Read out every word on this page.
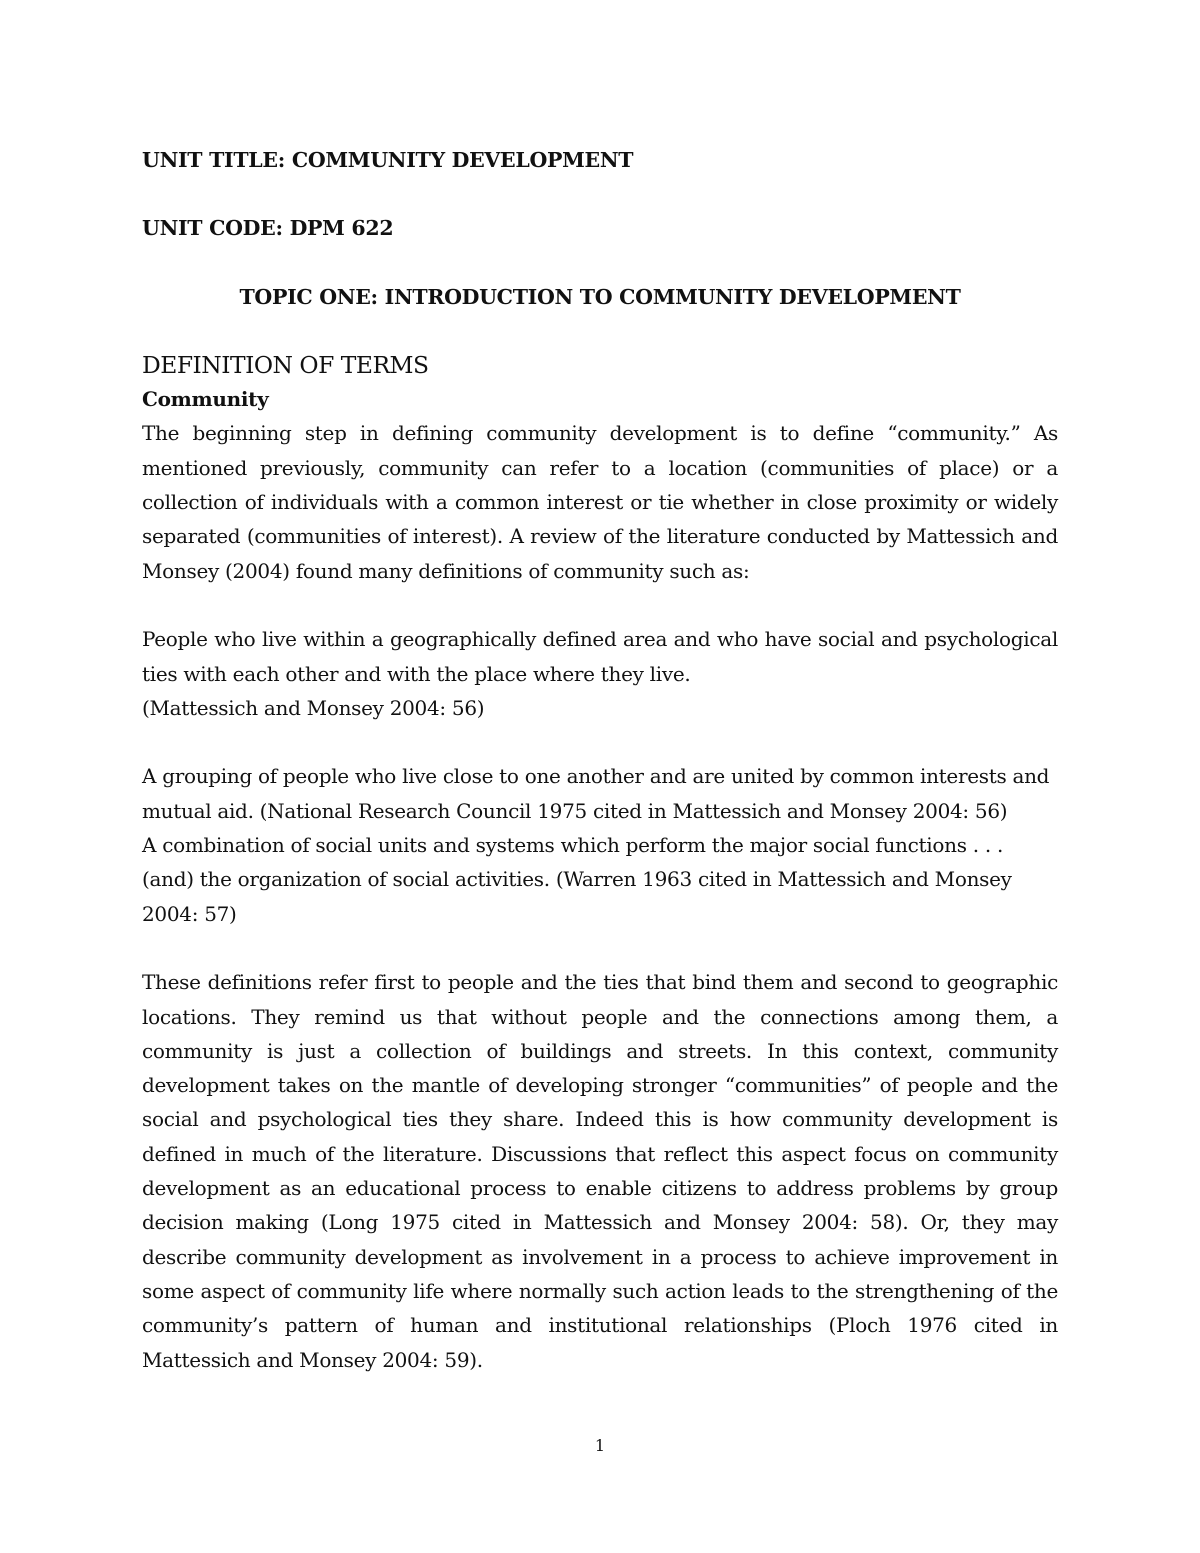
UNIT TITLE: COMMUNITY DEVELOPMENT
UNIT CODE: DPM 622
TOPIC ONE: INTRODUCTION TO COMMUNITY DEVELOPMENT
DEFINITION OF TERMS
Community

The beginning step in defining community development is to define “community.” As mentioned previously, community can refer to a location (communities of place) or a collection of individuals with a common interest or tie whether in close proximity or widely separated (communities of interest). A review of the literature conducted by Mattessich and Monsey (2004) found many definitions of community such as:

People who live within a geographically defined area and who have social and psychological ties with each other and with the place where they live.

(Mattessich and Monsey 2004: 56)

A grouping of people who live close to one another and are united by common interests and mutual aid. (National Research Council 1975 cited in Mattessich and Monsey 2004: 56)

A combination of social units and systems which perform the major social functions . . . (and) the organization of social activities. (Warren 1963 cited in Mattessich and Monsey 2004: 57)

These definitions refer first to people and the ties that bind them and second to geographic locations. They remind us that without people and the connections among them, a community is just a collection of buildings and streets. In this context, community development takes on the mantle of developing stronger “communities” of people and the social and psychological ties they share. Indeed this is how community development is defined in much of the literature. Discussions that reflect this aspect focus on community development as an educational process to enable citizens to address problems by group decision making (Long 1975 cited in Mattessich and Monsey 2004: 58). Or, they may describe community development as involvement in a process to achieve improvement in some aspect of community life where normally such action leads to the strengthening of the community’s pattern of human and institutional relationships (Ploch 1976 cited in Mattessich and Monsey 2004: 59).

1
